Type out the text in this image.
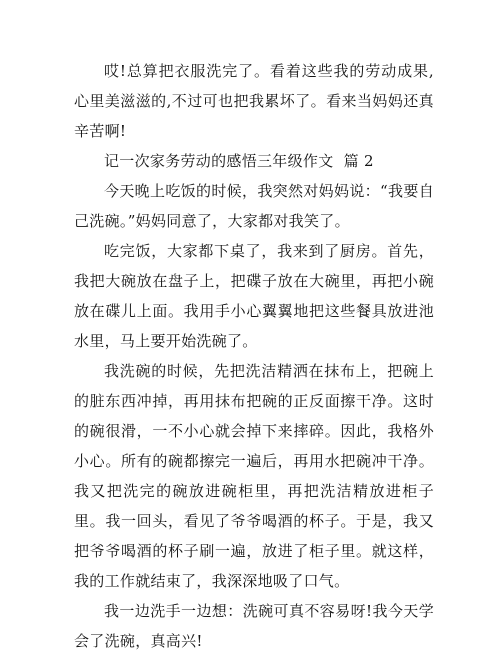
哎!总算把衣服洗完了。看着这些我的劳动成果,心里美滋滋的,不过可也把我累坏了。看来当妈妈还真辛苦啊!

记一次家务劳动的感悟三年级作文  篇 2

今天晚上吃饭的时候，我突然对妈妈说：“我要自己洗碗。”妈妈同意了，大家都对我笑了。

吃完饭，大家都下桌了，我来到了厨房。首先，我把大碗放在盘子上，把碟子放在大碗里，再把小碗放在碟儿上面。我用手小心翼翼地把这些餐具放进池水里，马上要开始洗碗了。

我洗碗的时候，先把洗洁精洒在抹布上，把碗上的脏东西冲掉，再用抹布把碗的正反面擦干净。这时的碗很滑，一不小心就会掉下来摔碎。因此，我格外小心。所有的碗都擦完一遍后，再用水把碗冲干净。我又把洗完的碗放进碗柜里，再把洗洁精放进柜子里。我一回头，看见了爷爷喝酒的杯子。于是，我又把爷爷喝酒的杯子刷一遍，放进了柜子里。就这样，我的工作就结束了，我深深地吸了口气。

我一边洗手一边想：洗碗可真不容易呀!我今天学会了洗碗，真高兴!
